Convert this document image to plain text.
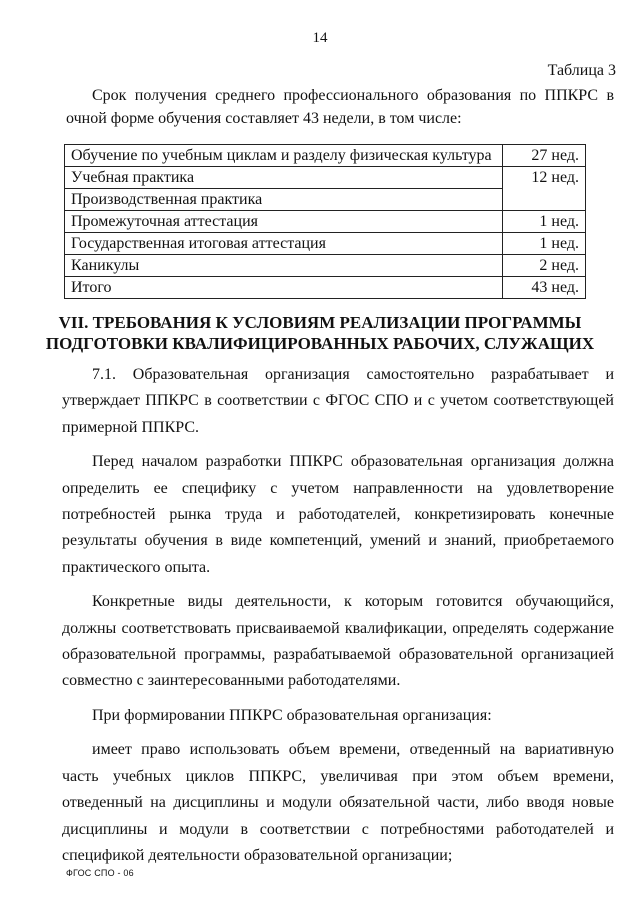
14
Таблица 3

Срок получения среднего профессионального образования по ППКРС в очной форме обучения составляет 43 недели, в том числе:

Обучение по учебным циклам и разделу физическая культура	27 нед.
Учебная практика	12 нед.
Производственная практика	
Промежуточная аттестация	1 нед.
Государственная итоговая аттестация	1 нед.
Каникулы	2 нед.
Итого	43 нед.
VII. ТРЕБОВАНИЯ К УСЛОВИЯМ РЕАЛИЗАЦИИ ПРОГРАММЫ
ПОДГОТОВКИ КВАЛИФИЦИРОВАННЫХ РАБОЧИХ, СЛУЖАЩИХ

7.1. Образовательная организация самостоятельно разрабатывает и утверждает ППКРС в соответствии с ФГОС СПО и с учетом соответствующей примерной ППКРС.

Перед началом разработки ППКРС образовательная организация должна определить ее специфику с учетом направленности на удовлетворение потребностей рынка труда и работодателей, конкретизировать конечные результаты обучения в виде компетенций, умений и знаний, приобретаемого практического опыта.

Конкретные виды деятельности, к которым готовится обучающийся, должны соответствовать присваиваемой квалификации, определять содержание образовательной программы, разрабатываемой образовательной организацией совместно с заинтересованными работодателями.

При формировании ППКРС образовательная организация:

имеет право использовать объем времени, отведенный на вариативную часть учебных циклов ППКРС, увеличивая при этом объем времени, отведенный на дисциплины и модули обязательной части, либо вводя новые дисциплины и модули в соответствии с потребностями работодателей и спецификой деятельности образовательной организации;

ФГОС СПО - 06
